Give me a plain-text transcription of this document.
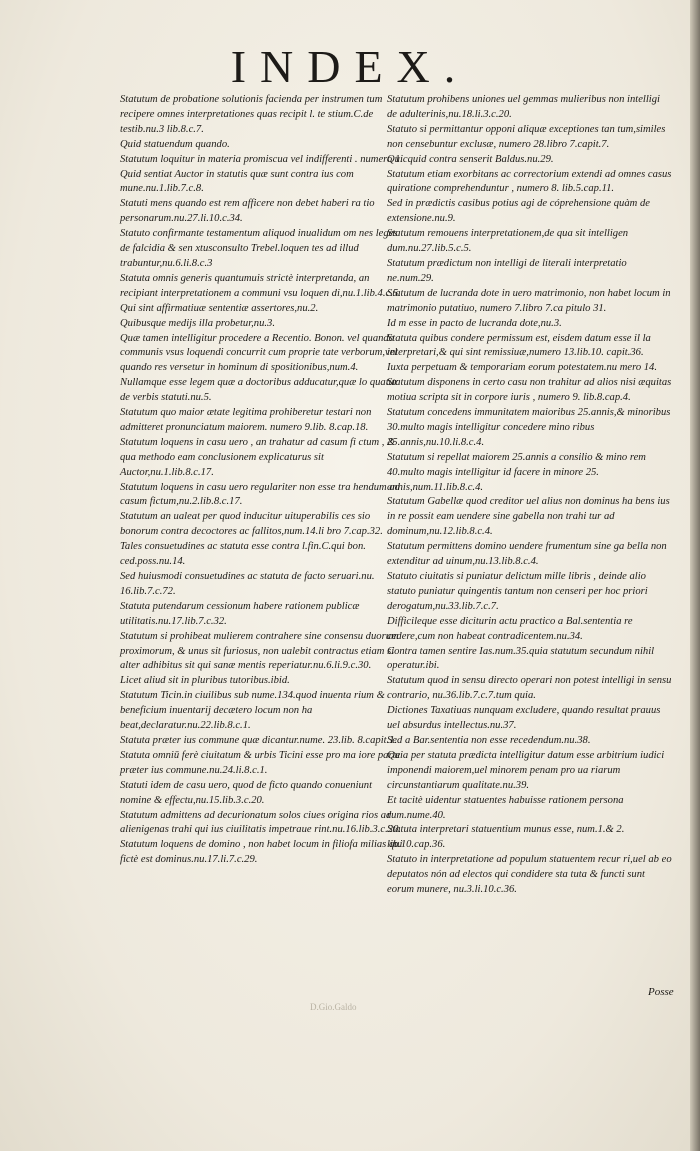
INDEX.

Statutum de probatione solutionis facienda per instrumen tum recipere omnes interpretationes quas recipit l. te stium.C.de testib.nu.3 lib.8.c.7.

Quid statuendum quando.

Statutum loquitur in materia promiscua vel indifferenti . numero 1.

Quid sentiat Auctor in statutis quæ sunt contra ius com mune.nu.1.lib.7.c.8.

Statuti mens quando est rem afficere non debet haberi ra tio personarum.nu.27.li.10.c.34.

Statuto confirmante testamentum aliquod inualidum om nes leges de falcidia & sen xtusconsulto Trebel.loquen tes ad illud trabuntur,nu.6.li.8.c.3

Statuta omnis generis quantumuis strictè interpretanda, an recipiant interpretationem a communi vsu loquen di,nu.1.lib.4.c.5.

Qui sint affirmatiuæ sententiæ assertores,nu.2.

Quibusque medijs illa probetur,nu.3.

Quæ tamen intelligitur procedere a Recentio. Bonon. vel quando communis vsus loquendi concurrit cum proprie tate verborum,vel quando res versetur in hominum di spositionibus,num.4.

Nullamque esse legem quæ a doctoribus adducatur,quæ lo quatur de verbis statuti.nu.5.

Statutum quo maior ætate legitima prohiberetur testari non admitteret pronunciatum maiorem. numero 9.lib. 8.cap.18.

Statutum loquens in casu uero , an trahatur ad casum fi ctum , & qua methodo eam conclusionem explicaturus sit Auctor,nu.1.lib.8.c.17.

Statutum loquens in casu uero regulariter non esse tra hendum ad casum fictum,nu.2.lib.8.c.17.

Statutum an ualeat per quod inducitur uituperabilis ces sio bonorum contra decoctores ac fallitos,num.14.li bro 7.cap.32.

Tales consuetudines ac statuta esse contra l.fin.C.qui bon. ced.poss.nu.14.

Sed huiusmodi consuetudines ac statuta de facto seruari.nu. 16.lib.7.c.72.

Statuta putendarum cessionum habere rationem publicæ utilitatis.nu.17.lib.7.c.32.

Statutum si prohibeat mulierem contrahere sine consensu duorum proximorum, & unus sit furiosus, non ualebit contractus etiam si alter adhibitus sit qui sanæ mentis reperiatur.nu.6.li.9.c.30.

Licet aliud sit in pluribus tutoribus.ibid.

Statutum Ticin.in ciuilibus sub nume.134.quod inuenta rium & beneficium inuentarij decætero locum non ha beat,declaratur.nu.22.lib.8.c.1.

Statuta præter ius commune quæ dicantur.nume. 23.lib. 8.capit.1.

Statuta omniū ferè ciuitatum & urbis Ticini esse pro ma iore parte præter ius commune.nu.24.li.8.c.1.

Statuti idem de casu uero, quod de ficto quando conueniunt nomine & effectu,nu.15.lib.3.c.20.

Statutum admittens ad decurionatum solos ciues origina rios ad alienigenas trahi qui ius ciuilitatis impetraue rint.nu.16.lib.3.c.20.

Statutum loquens de domino , non habet locum in filiofa milias qui fictè est dominus.nu.17.li.7.c.29.

Statutum prohibens uniones uel gemmas mulieribus non intelligi de adulterinis,nu.18.li.3.c.20.

Statuto si permittantur opponi aliquæ exceptiones tan tum,similes non censebuntur exclusæ, numero 28.libro 7.capit.7.

Quicquid contra senserit Baldus.nu.29.

Statutum etiam exorbitans ac correctorium extendi ad omnes casus quiratione comprehenduntur , numero 8. lib.5.cap.11.

Sed in prædictis casibus potius agi de cóprehensione quàm de extensione.nu.9.

Statutum remouens interpretationem,de qua sit intelligen dum.nu.27.lib.5.c.5.

Statutum prædictum non intelligi de literali interpretatio ne.num.29.

Statutum de lucranda dote in uero matrimonio, non habet locum in matrimonio putatiuo, numero 7.libro 7.ca pitulo 31.

Id m esse in pacto de lucranda dote,nu.3.

Statuta quibus condere permissum est, eisdem datum esse il la interpretari,& qui sint remissiuæ,numero 13.lib.10. capit.36.

Iuxta perpetuam & temporariam eorum potestatem.nu mero 14.

Statutum disponens in certo casu non trahitur ad alios nisi æquitas motiua scripta sit in corpore iuris , numero 9. lib.8.cap.4.

Statutum concedens immunitatem maioribus 25.annis,& minoribus 30.multo magis intelligitur concedere mino ribus 25.annis,nu.10.li.8.c.4.

Statutum si repellat maiorem 25.annis a consilio & mino rem 40.multo magis intelligitur id facere in minore 25. annis,num.11.lib.8.c.4.

Statutum Gabellæ quod creditor uel alius non dominus ha bens ius in re possit eam uendere sine gabella non trahi tur ad dominum,nu.12.lib.8.c.4.

Statutum permittens domino uendere frumentum sine ga bella non extenditur ad uinum,nu.13.lib.8.c.4.

Statuto ciuitatis si puniatur delictum mille libris , deinde alio statuto puniatur quingentis tantum non censeri per hoc priori derogatum,nu.33.lib.7.c.7.

Difficileque esse diciturin actu practico a Bal.sententia re cedere,cum non habeat contradicentem.nu.34.

Contra tamen sentire Ias.num.35.quia statutum secundum nihil operatur.ibi.

Statutum quod in sensu directo operari non potest intelligi in sensu contrario, nu.36.lib.7.c.7.tum quia.

Dictiones Taxatiuas nunquam excludere, quando resultat prauus uel absurdus intellectus.nu.37.

Sed a Bar.sententia non esse recedendum.nu.38.

Quia per statuta prædicta intelligitur datum esse arbitrium iudici imponendi maiorem,uel minorem penam pro ua riarum circunstantiarum qualitate.nu.39.

Et tacitè uidentur statuentes habuisse rationem persona rum.nume.40.

Statuta interpretari statuentium munus esse, num.1.& 2. lib.10.cap.36.

Statuto in interpretatione ad populum statuentem recur ri,uel ab eo deputatos nón ad electos qui condidere sta tuta & functi sunt eorum munere, nu.3.li.10.c.36.

Posse
D.Gio.Galdo
